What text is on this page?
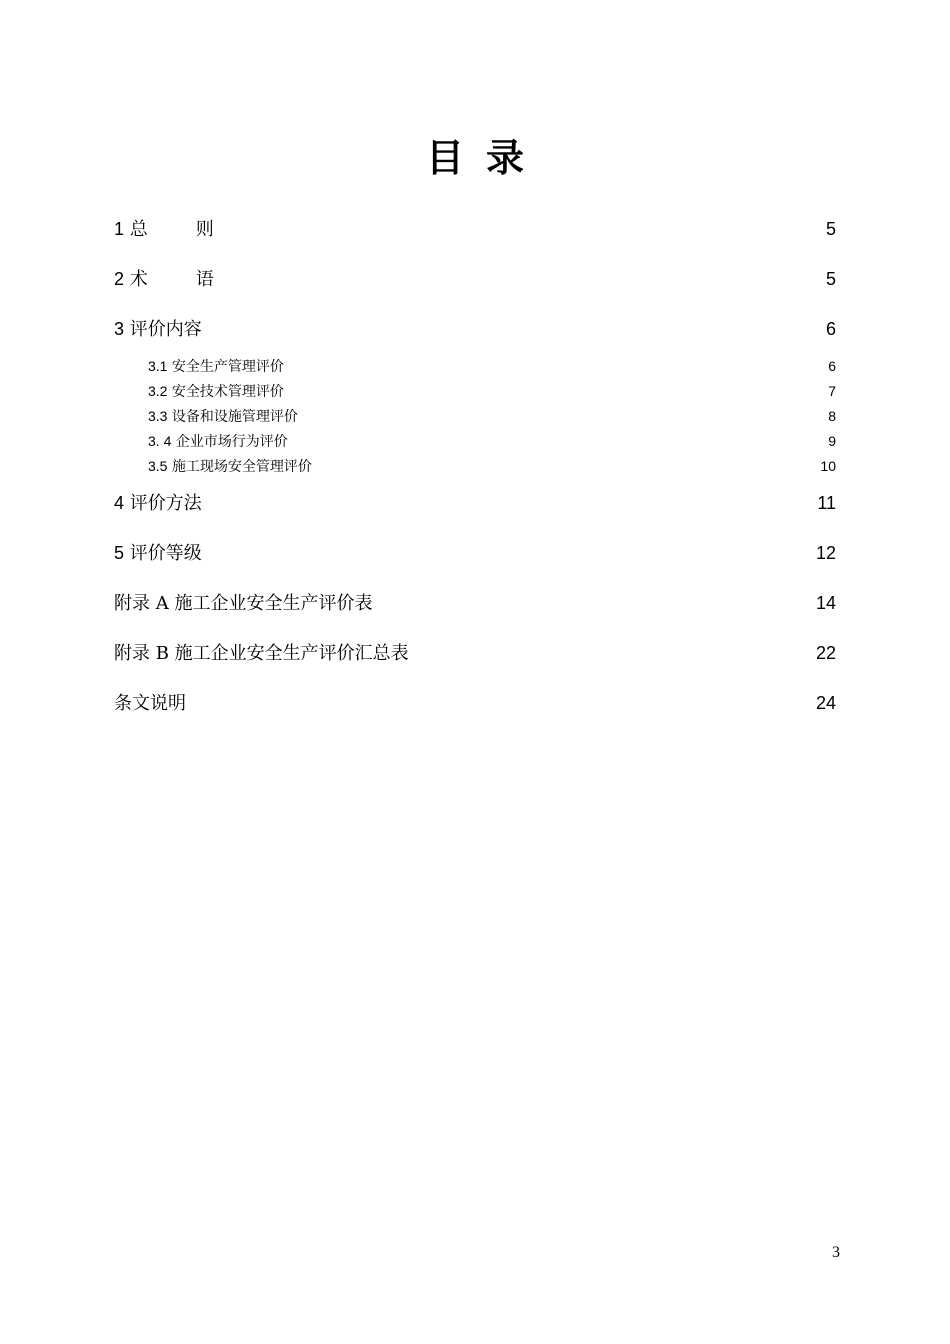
目录
1 总	则 .....	5
2 术	语 .....	5
3 评价内容 .....	6
3.1 安全生产管理评价 .....	6
3.2 安全技术管理评价 .....	7
3.3 设备和设施管理评价 .....	8
3. 4 企业市场行为评价 .....	9
3.5 施工现场安全管理评价 .....	10
4 评价方法 .....	11
5 评价等级 .....	12
附录 A 施工企业安全生产评价表 .....	14
附录 B 施工企业安全生产评价汇总表 .....	22
条文说明 .....	24
3
